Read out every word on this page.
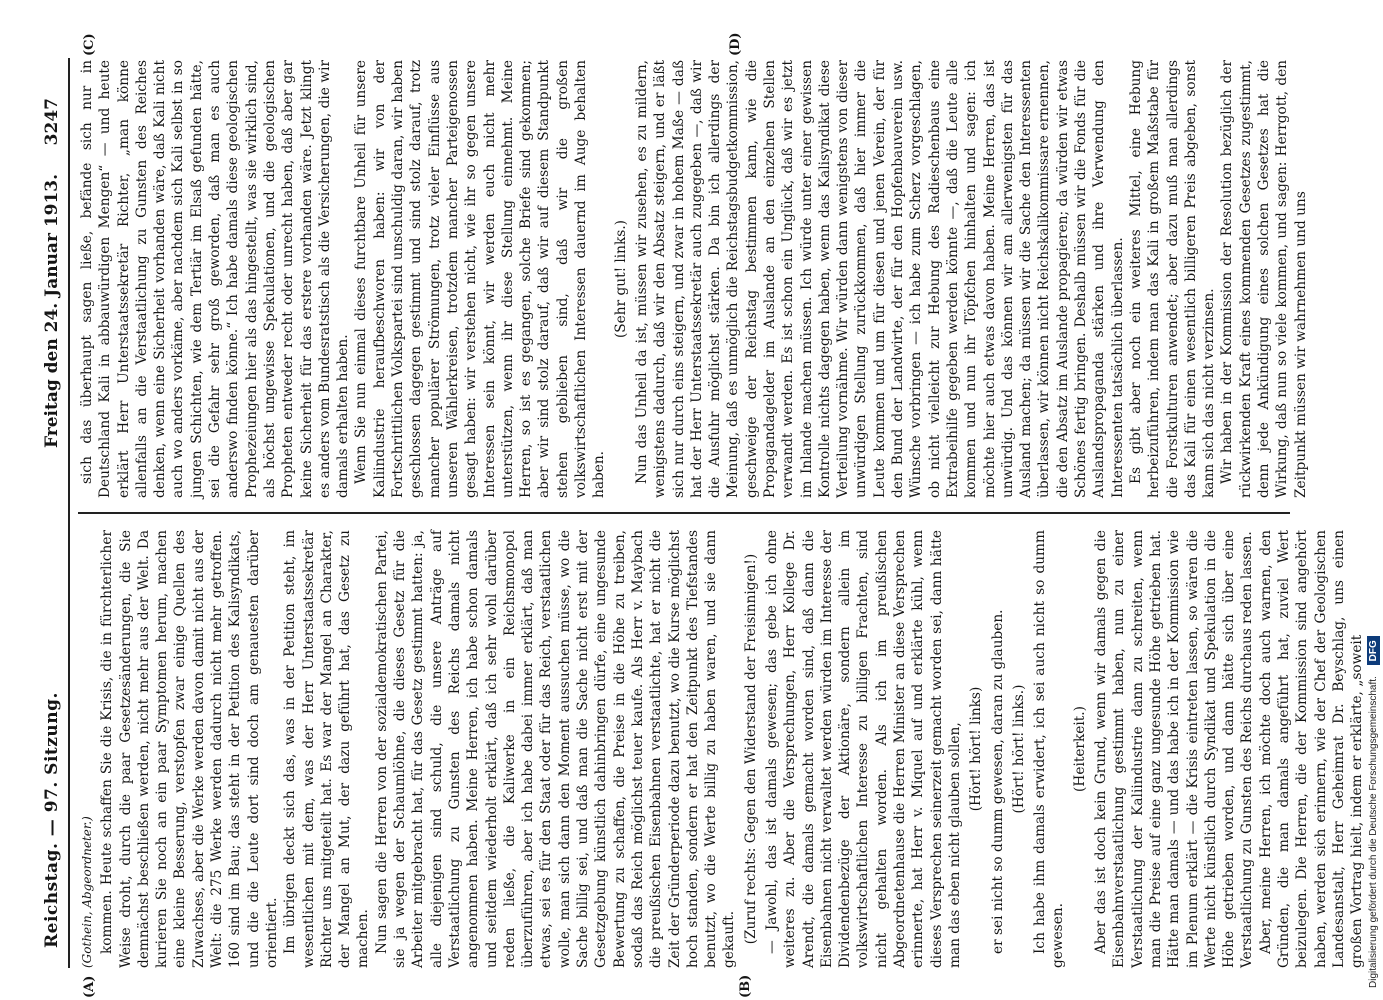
Reichstag. — 97. Sitzung.
Freitag den 24. Januar 1913.
3247
(Gothein, Abgeordneter.) kommen. Heute schaffen Sie die Krisis, die in fürchterlicher Weise droht, durch die paar Gesetzesänderungen, die Sie demnächst beschließen werden, nicht mehr aus der Welt. Da kurieren Sie noch an ein paar Symptomen herum, machen eine kleine Besserung, verstopfen zwar einige Quellen des Zuwachses, aber die Werke werden davon damit nicht aus der Welt: die 275 Werke werden dadurch nicht mehr getroffen. 160 sind im Bau; das steht in der Petition des Kalisyndikats, und die die Leute dort sind doch am genauesten darüber orientiert. Im übrigen deckt sich das, was in der Petition steht, im wesentlichen mit dem, was der Herr Unterstaatssekretär Richter uns mitgeteilt hat. Es war der Mangel an Charakter, der Mangel an Mut, der dazu geführt hat, das Gesetz zu machen. Nun sagen die Herren von der sozialdemokratischen Partei, sie ja wegen der Schaumlöhne, die dieses Gesetz für die Arbeiter mitgebracht hat, für das Gesetz gestimmt hatten: ja, alle diejenigen sind schuld, die unsere Anträge auf Verstaatlichung zu Gunsten des Reichs damals nicht angenommen haben. Meine Herren, ich habe schon damals und seitdem wiederholt erklärt, daß ich sehr wohl darüber reden ließe, die Kaliwerke in ein Reichsmonopol überzuführen, aber ich habe dabei immer erklärt, daß man etwas, sei es für den Staat oder für das Reich, verstaatlichen wolle, man sich dann den Moment aussuchen müsse, wo die Sache billig sei, und daß man die Sache nicht erst mit der Gesetzgebung künstlich dahinbringen dürfe, eine ungesunde Bewertung zu schaffen, die Preise in die Höhe zu treiben, sodaß das Reich möglichst teuer kaufe. Als Herr v. Maybach die preußischen Eisenbahnen verstaatlichte, hat er nicht die Zeit der Gründerperiode dazu benutzt, wo die Kurse möglichst hoch standen, sondern er hat den Zeitpunkt des Tiefstandes benutzt, wo die Werte billig zu haben waren, und sie dann gekauft. (Zuruf rechts: Gegen den Widerstand der Freisinnigen!) — Jawohl, das ist damals gewesen; das gebe ich ohne weiteres zu. Aber die Versprechungen, Herr Kollege Dr. Arendt, die damals gemacht worden sind, daß dann die Eisenbahnen nicht verwaltet werden würden im Interesse der Dividendenbezüge der Aktionäre, sondern allein im volkswirtschaftlichen Interesse zu billigen Frachten, sind nicht gehalten worden. Als ich im preußischen Abgeordnetenhause die Herren Minister an diese Versprechen erinnerte, hat Herr v. Miquel auf und erklärte kühl, wenn dieses Versprechen seinerzeit gemacht worden sei, dann hätte man das eben nicht glauben sollen, (Hört! hört! links) er sei nicht so dumm gewesen, daran zu glauben. (Hört! hört! links.) Ich habe ihm damals erwidert, ich sei auch nicht so dumm gewesen.

(Heiterkeit.) Aber das ist doch kein Grund, wenn wir damals gegen die Eisenbahnverstaatlichung gestimmt haben, nun zu einer Verstaatlichung der Kaliindustrie dann zu schreiten, wenn man die Preise auf eine ganz ungesunde Höhe getrieben hat. Hätte man damals — und das habe ich in der Kommission wie im Plenum erklärt — die Krisis eintreten lassen, so wären die Werte nicht künstlich durch Syndikat und Spekulation in die Höhe getrieben worden, und dann hätte sich über eine Verstaatlichung zu Gunsten des Reichs durchaus reden lassen. Aber, meine Herren, ich möchte doch auch warnen, den Gründen, die man damals angeführt hat, zuviel Wert beizulegen. Die Herren, die der Kommission sind angehört haben, werden sich erinnern, wie der Chef der Geologischen Landesanstalt, Herr Geheimrat Dr. Beyschlag, uns einen großen Vortrag hielt, indem er erklärte, „soweit

sich das überhaupt sagen ließe, befände sich nur in Deutschland Kali in abbauwürdigen Mengen“ — und heute erklärt Herr Unterstaatssekretär Richter, „man könne allenfalls an die Verstaatlichung zu Gunsten des Reiches denken, wenn eine Sicherheit vorhanden wäre, daß Kali nicht auch wo anders vorkäme, aber nachdem sich Kali selbst in so jungen Schichten, wie dem Tertiär im Elsaß gefunden hätte, sei die Gefahr sehr groß geworden, daß man es auch anderswo finden könne.“ Ich habe damals diese geologischen Prophezeiungen hier als das hingestellt, was sie wirklich sind, als höchst ungewisse Spekulationen, und die geologischen Propheten entweder recht oder unrecht haben, daß aber gar keine Sicherheit für das erstere vorhanden wäre. Jetzt klingt es anders vom Bundesratstisch als die Versicherungen, die wir damals erhalten haben. Wenn Sie nun einmal dieses furchtbare Unheil für unsere Kaliindustrie heraufbeschworen haben: wir von der Fortschrittlichen Volkspartei sind unschuldig daran, wir haben geschlossen dagegen gestimmt und sind stolz darauf, trotz mancher populärer Strömungen, trotz vieler Einflüsse aus unseren Wählerkreisen, trotzdem mancher Parteigenossen gesagt haben: wir verstehen nicht, wie ihr so gegen unsere Interessen sein könnt, wir werden euch nicht mehr unterstützen, wenn ihr diese Stellung einnehmt. Meine Herren, so ist es gegangen, solche Briefe sind gekommen; aber wir sind stolz darauf, daß wir auf diesem Standpunkt stehen geblieben sind, daß wir die großen volkswirtschaftlichen Interessen dauernd im Auge behalten haben.

(Sehr gut! links.) Nun das Unheil da ist, müssen wir zusehen, es zu mildern, wenigstens dadurch, daß wir den Absatz steigern, und er läßt sich nur durch eins steigern, und zwar in hohem Maße — daß hat der Herr Unterstaatssekretär auch zugegeben —, daß wir die Ausfuhr möglichst stärken. Da bin ich allerdings der Meinung, daß es unmöglich die Reichstagsbudgetkommission, geschweige der Reichstag bestimmen kann, wie die Propagandagelder im Auslande an den einzelnen Stellen verwandt werden. Es ist schon ein Unglück, daß wir es jetzt im Inlande machen müssen. Ich würde unter einer gewissen Kontrolle nichts dagegen haben, wenn das Kalisyndikat diese Verteilung vornähme. Wir würden dann wenigstens von dieser unwürdigen Stellung zurückkommen, daß hier immer die Leute kommen und um für diesen und jenen Verein, der für den Bund der Landwirte, der für den Hopfenbauverein usw. Wünsche vorbringen — ich habe zum Scherz vorgeschlagen, ob nicht vielleicht zur Hebung des Radieschenbaus eine Extrabeihilfe gegeben werden könnte —, daß die Leute alle kommen und nun ihr Töpfchen hinhalten und sagen: ich möchte hier auch etwas davon haben. Meine Herren, das ist unwürdig. Und das können wir am allerwenigsten für das Ausland machen; da müssen wir die Sache den Interessenten überlassen, wir können nicht Reichskalikommissare ernennen, die den Absatz im Auslande propagieren; da würden wir etwas Schönes fertig bringen. Deshalb müssen wir die Fonds für die Auslandspropaganda stärken und ihre Verwendung den Interessenten tatsächlich überlassen. Es gibt aber noch ein weiteres Mittel, eine Hebung herbeizuführen, indem man das Kali in großem Maßstabe für die Forstkulturen anwendet; aber dazu muß man allerdings das Kali für einen wesentlich billigeren Preis abgeben, sonst kann sich das nicht verzinsen. Wir haben in der Kommission der Resolution bezüglich der rückwirkenden Kraft eines kommenden Gesetzes zugestimmt, denn jede Ankündigung eines solchen Gesetzes hat die Wirkung, daß nun so viele kommen, und sagen: Herrgott, den Zeitpunkt müssen wir wahrnehmen und uns

(A)	(B)
(C)	(D)
Digitalisierung gefördert durch die Deutsche Forschungsgemeinschaft. DFG
